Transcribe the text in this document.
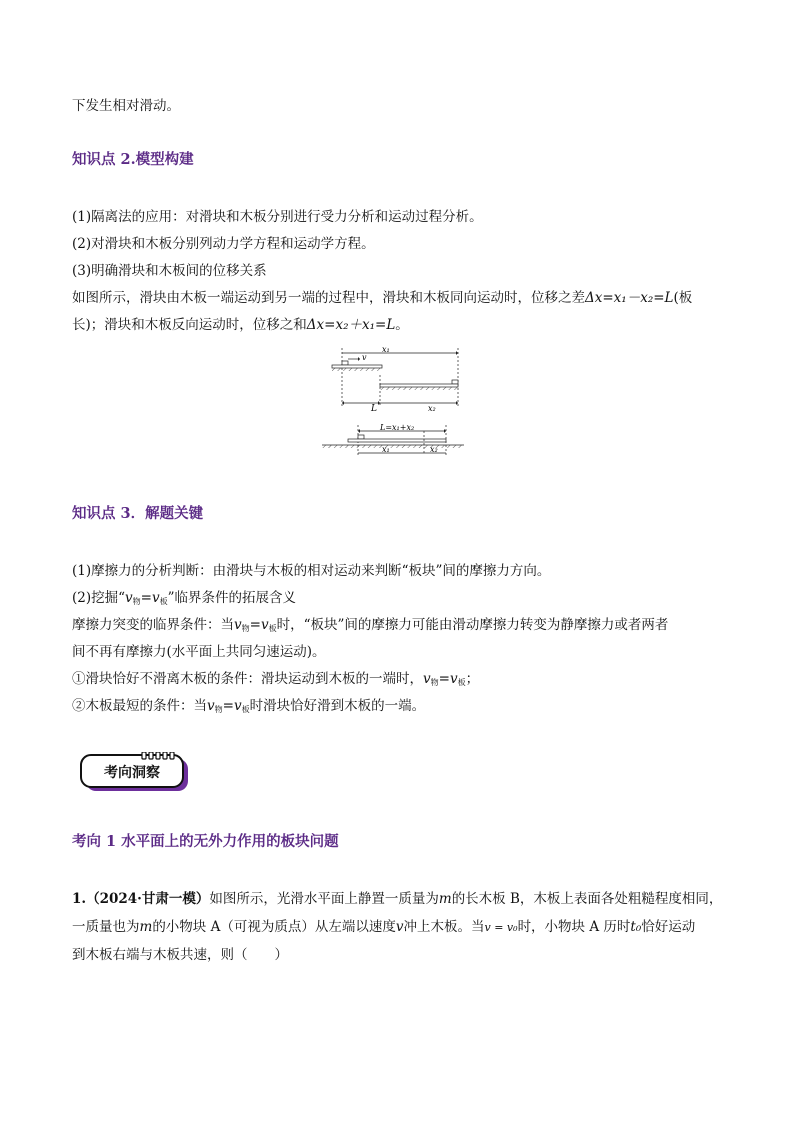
下发生相对滑动。
知识点 2.模型构建
(1)隔离法的应用：对滑块和木板分别进行受力分析和运动过程分析。
(2)对滑块和木板分别列动力学方程和运动学方程。
(3)明确滑块和木板间的位移关系
如图所示，滑块由木板一端运动到另一端的过程中，滑块和木板同向运动时，位移之差Δx=x₁－x₂=L(板
长)；滑块和木板反向运动时，位移之和Δx=x₂＋x₁=L。
x₁
v
L	x₂
L=x₁+x₂
x₁	x₂
知识点 3．解题关键
(1)摩擦力的分析判断：由滑块与木板的相对运动来判断“板块”间的摩擦力方向。
(2)挖掘“$v_物=v_板$”临界条件的拓展含义
摩擦力突变的临界条件：当$v_物=v_板$时，“板块”间的摩擦力可能由滑动摩擦力转变为静摩擦力或者两者
间不再有摩擦力(水平面上共同匀速运动)。
①滑块恰好不滑离木板的条件：滑块运动到木板的一端时，$v_物=v_板$；
②木板最短的条件：当$v_物=v_板$时滑块恰好滑到木板的一端。
考向洞察
考向 1 水平面上的无外力作用的板块问题
1.（2024·甘肃一模）如图所示，光滑水平面上静置一质量为m的长木板 B，木板上表面各处粗糙程度相同，
一质量也为m的小物块 A（可视为质点）从左端以速度v冲上木板。当v = v₀时，小物块 A 历时t₀恰好运动
到木板右端与木板共速，则（　　）
